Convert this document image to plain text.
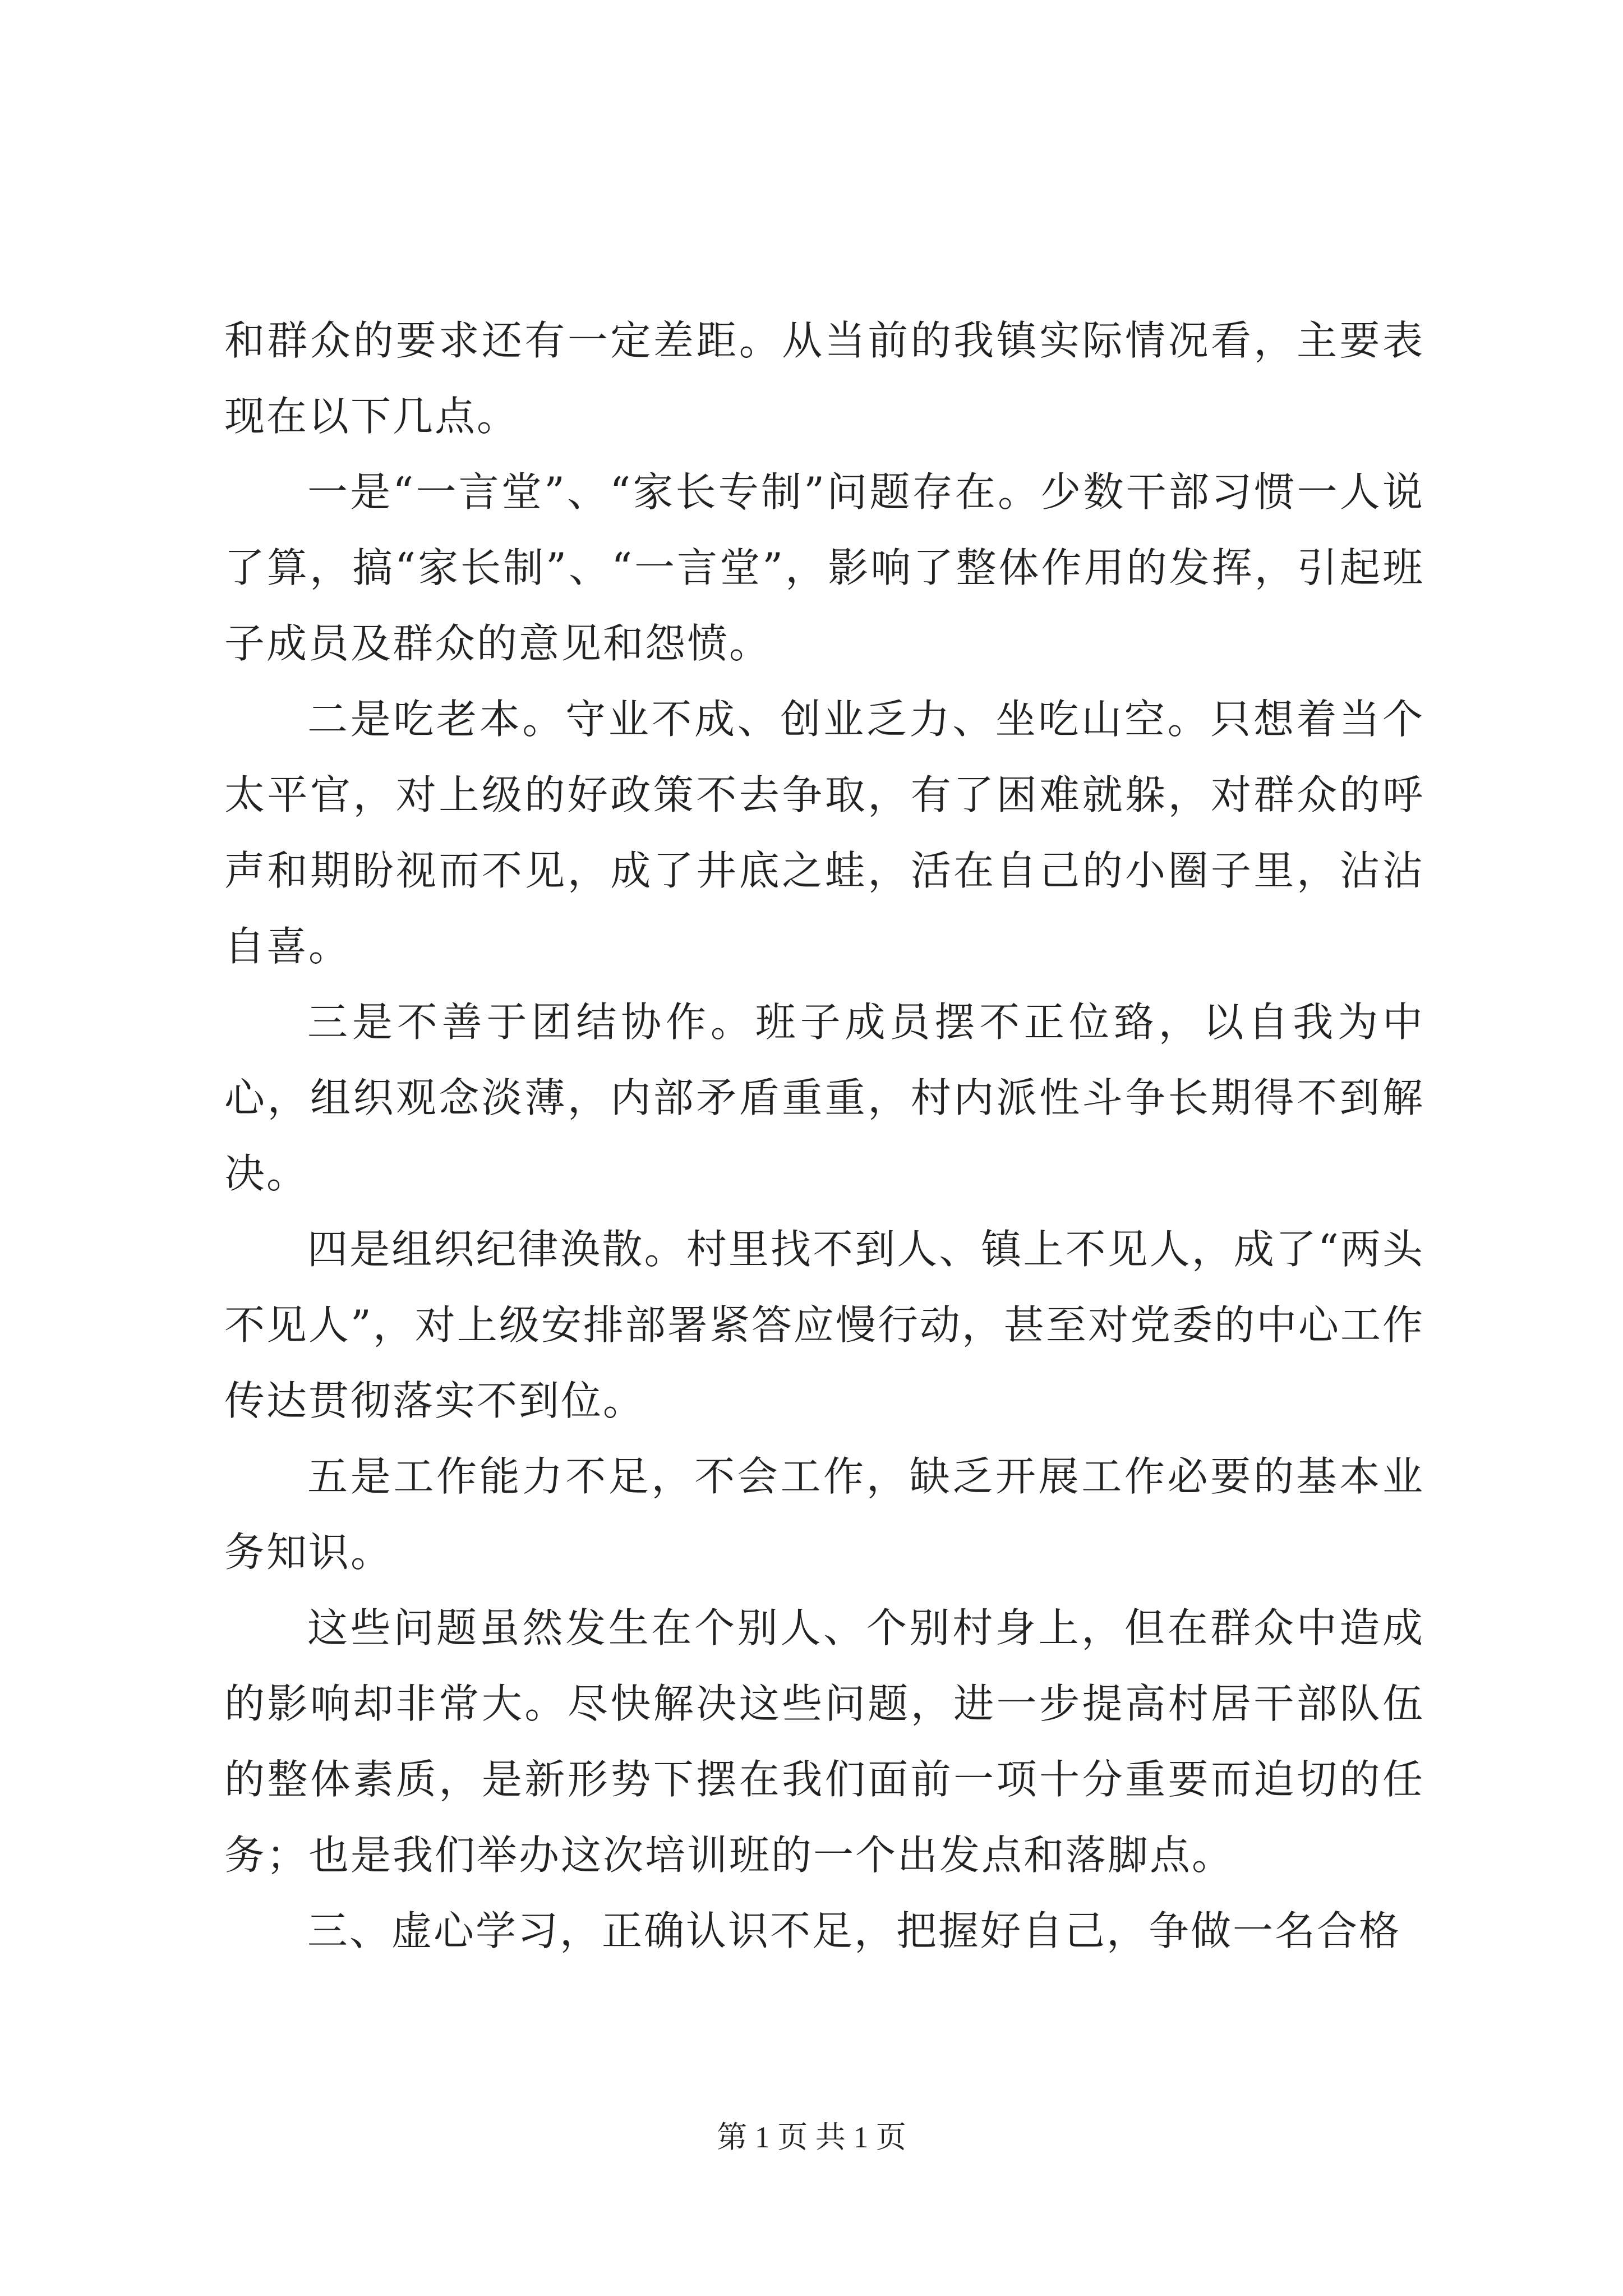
和群众的要求还有一定差距。从当前的我镇实际情况看，主要表现在以下几点。

一是“一言堂”、“家长专制”问题存在。少数干部习惯一人说了算，搞“家长制”、“一言堂”，影响了整体作用的发挥，引起班子成员及群众的意见和怨愤。

二是吃老本。守业不成、创业乏力、坐吃山空。只想着当个太平官，对上级的好政策不去争取，有了困难就躲，对群众的呼声和期盼视而不见，成了井底之蛙，活在自己的小圈子里，沾沾自喜。

三是不善于团结协作。班子成员摆不正位臵，以自我为中心，组织观念淡薄，内部矛盾重重，村内派性斗争长期得不到解决。

四是组织纪律涣散。村里找不到人、镇上不见人，成了“两头不见人”，对上级安排部署紧答应慢行动，甚至对党委的中心工作传达贯彻落实不到位。

五是工作能力不足，不会工作，缺乏开展工作必要的基本业务知识。

这些问题虽然发生在个别人、个别村身上，但在群众中造成的影响却非常大。尽快解决这些问题，进一步提高村居干部队伍的整体素质，是新形势下摆在我们面前一项十分重要而迫切的任务；也是我们举办这次培训班的一个出发点和落脚点。

三、虚心学习，正确认识不足，把握好自己，争做一名合格

第 1 页 共 1 页
